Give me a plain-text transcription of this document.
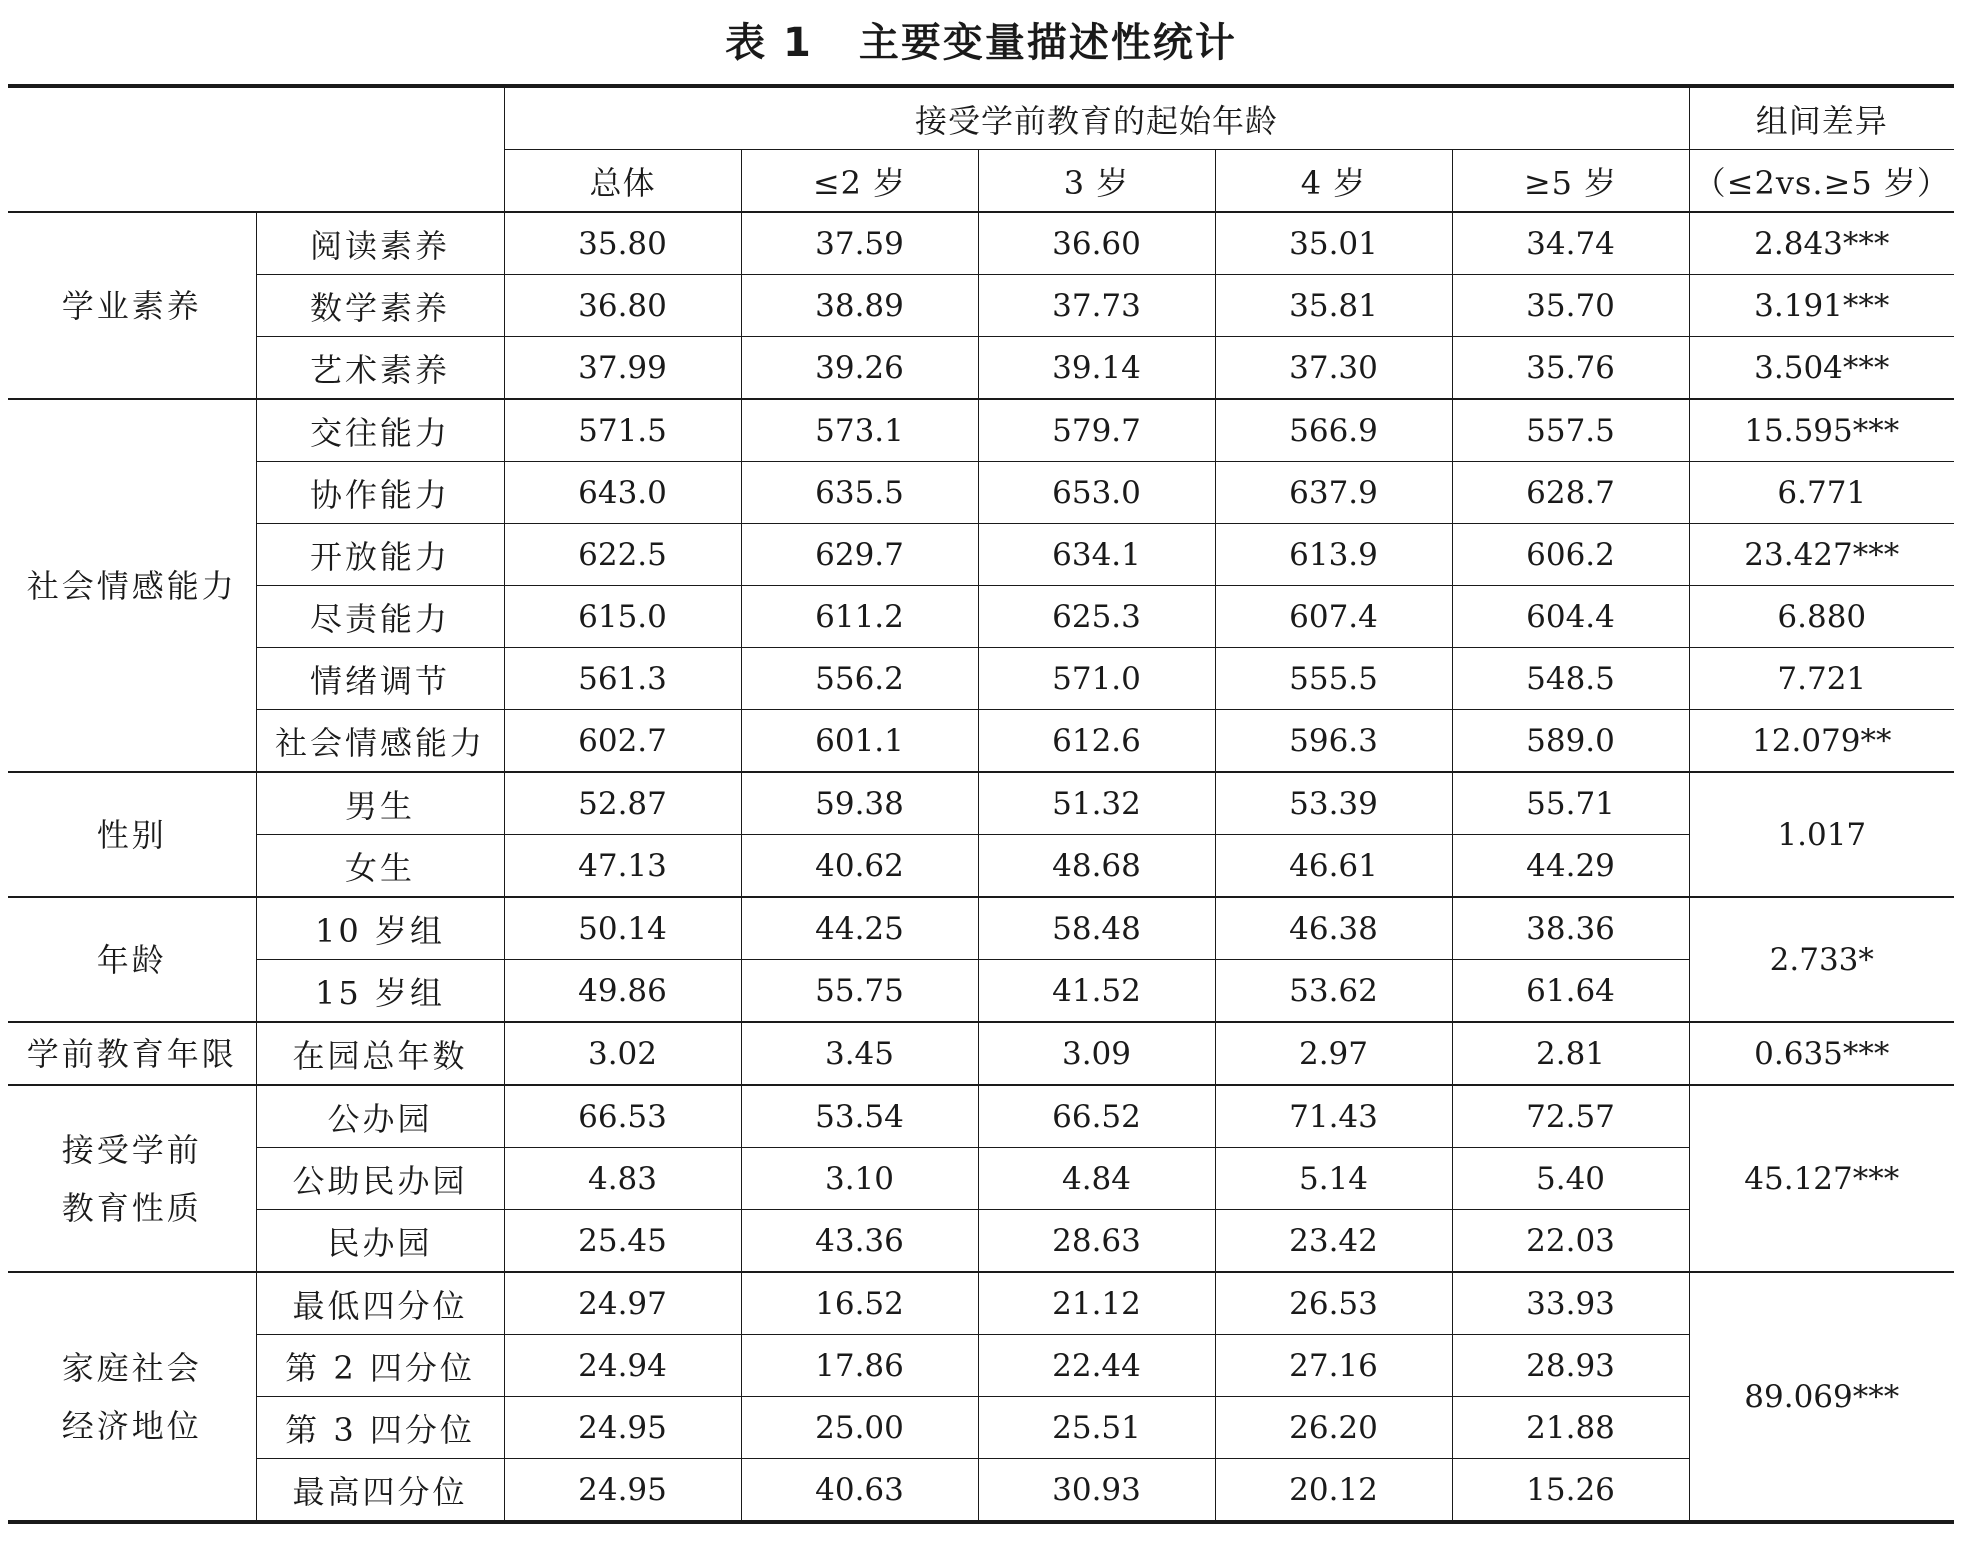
表 1 主要变量描述性统计
		接受学前教育的起始年龄					组间差异
		总体	≤2 岁	3 岁	4 岁	≥5 岁	（≤2vs.≥5 岁）
学业素养	阅读素养	35.80	37.59	36.60	35.01	34.74	2.843***
	数学素养	36.80	38.89	37.73	35.81	35.70	3.191***
	艺术素养	37.99	39.26	39.14	37.30	35.76	3.504***
社会情感能力	交往能力	571.5	573.1	579.7	566.9	557.5	15.595***
	协作能力	643.0	635.5	653.0	637.9	628.7	6.771
	开放能力	622.5	629.7	634.1	613.9	606.2	23.427***
	尽责能力	615.0	611.2	625.3	607.4	604.4	6.880
	情绪调节	561.3	556.2	571.0	555.5	548.5	7.721
	社会情感能力	602.7	601.1	612.6	596.3	589.0	12.079**
性别	男生	52.87	59.38	51.32	53.39	55.71	1.017
	女生	47.13	40.62	48.68	46.61	44.29	
年龄	10 岁组	50.14	44.25	58.48	46.38	38.36	2.733*
	15 岁组	49.86	55.75	41.52	53.62	61.64	
学前教育年限	在园总年数	3.02	3.45	3.09	2.97	2.81	0.635***
接受学前
教育性质	公办园	66.53	53.54	66.52	71.43	72.57	45.127***
	公助民办园	4.83	3.10	4.84	5.14	5.40	
	民办园	25.45	43.36	28.63	23.42	22.03	
家庭社会
经济地位	最低四分位	24.97	16.52	21.12	26.53	33.93	89.069***
	第 2 四分位	24.94	17.86	22.44	27.16	28.93	
	第 3 四分位	24.95	25.00	25.51	26.20	21.88	
	最高四分位	24.95	40.63	30.93	20.12	15.26	
